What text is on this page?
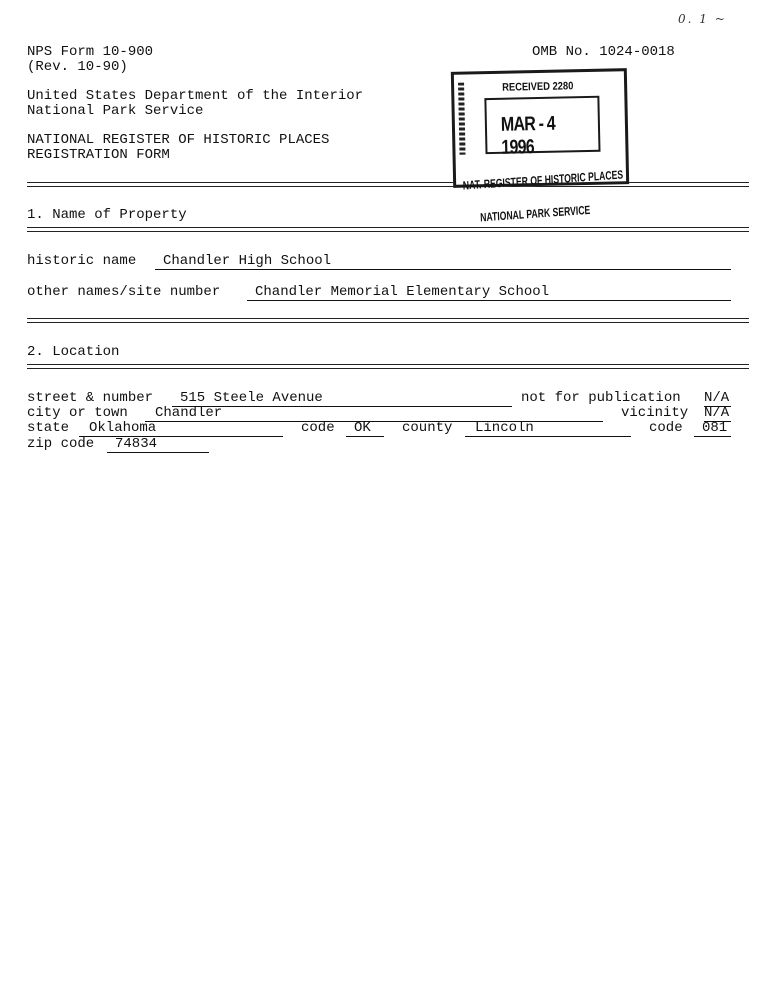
0. 1 ~
NPS Form 10-900
(Rev. 10-90)
OMB No. 1024-0018
United States Department of the Interior
National Park Service
NATIONAL REGISTER OF HISTORIC PLACES
REGISTRATION FORM
RECEIVED 2280
MAR - 4 1996

NAT. REGISTER OF HISTORIC PLACES

NATIONAL PARK SERVICE

1. Name of Property
historic name	Chandler High School
other names/site number	Chandler Memorial Elementary School
2. Location
street & number	515 Steele Avenue	not for publication N/A
city or town	Chandler	vicinity N/A
state	Oklahoma	code	OK	county	Lincoln	code	081
zip code	74834
